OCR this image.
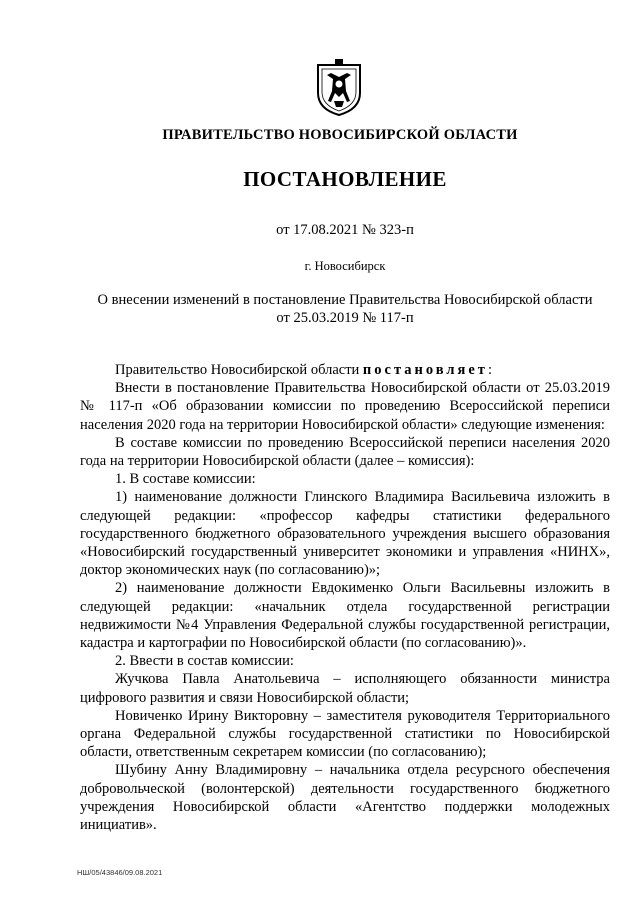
ПРАВИТЕЛЬСТВО НОВОСИБИРСКОЙ ОБЛАСТИ
ПОСТАНОВЛЕНИЕ
от 17.08.2021 № 323-п
г. Новосибирск
О внесении изменений в постановление Правительства Новосибирской области
от 25.03.2019 № 117-п

Правительство Новосибирской области постановляет:

Внести в постановление Правительства Новосибирской области от 25.03.2019 № 117-п «Об образовании комиссии по проведению Всероссийской переписи населения 2020 года на территории Новосибирской области» следующие изменения:

В составе комиссии по проведению Всероссийской переписи населения 2020 года на территории Новосибирской области (далее – комиссия):

1. В составе комиссии:

1) наименование должности Глинского Владимира Васильевича изложить в следующей редакции: «профессор кафедры статистики федерального государственного бюджетного образовательного учреждения высшего образования «Новосибирский государственный университет экономики и управления «НИНХ», доктор экономических наук (по согласованию)»;

2) наименование должности Евдокименко Ольги Васильевны изложить в следующей редакции: «начальник отдела государственной регистрации недвижимости №4 Управления Федеральной службы государственной регистрации, кадастра и картографии по Новосибирской области (по согласованию)».

2. Ввести в состав комиссии:

Жучкова Павла Анатольевича – исполняющего обязанности министра цифрового развития и связи Новосибирской области;

Новиченко Ирину Викторовну – заместителя руководителя Территориального органа Федеральной службы государственной статистики по Новосибирской области, ответственным секретарем комиссии (по согласованию);

Шубину Анну Владимировну – начальника отдела ресурсного обеспечения добровольческой (волонтерской) деятельности государственного бюджетного учреждения Новосибирской области «Агентство поддержки молодежных инициатив».

НШ/05/43846/09.08.2021
